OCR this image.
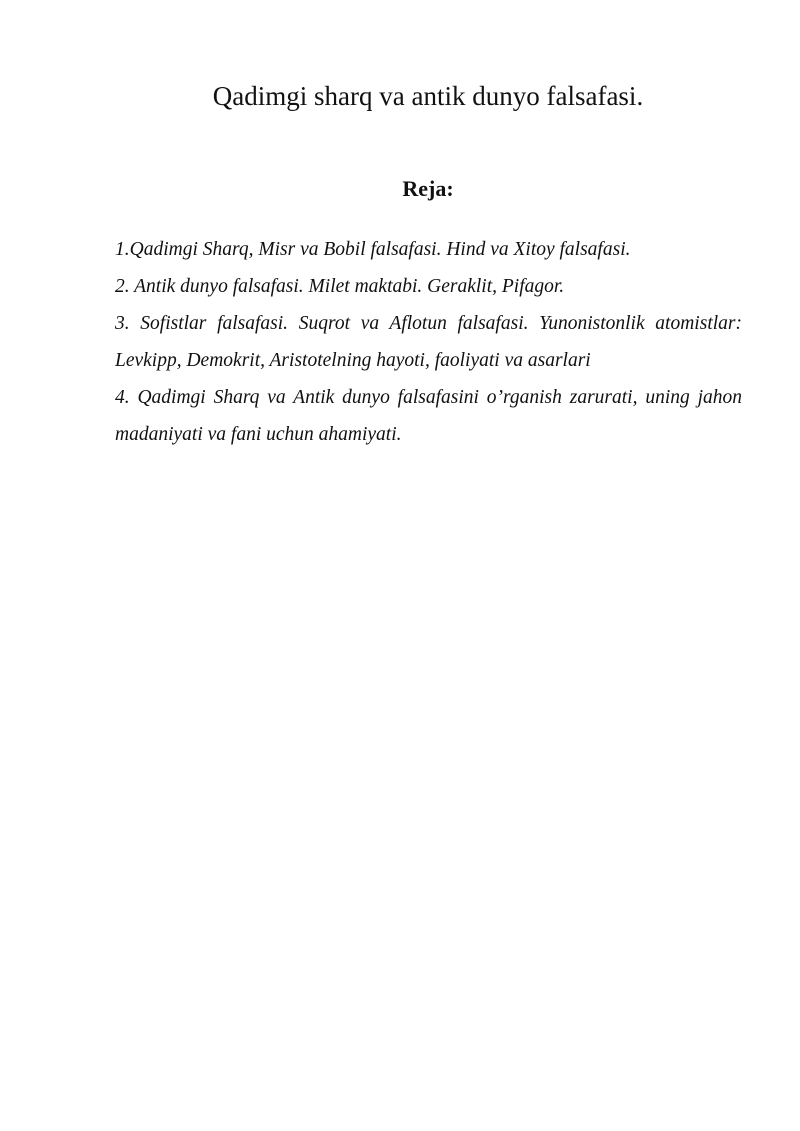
Qadimgi sharq va antik dunyo falsafasi.
Reja:
1.Qadimgi Sharq, Misr va Bobil falsafasi. Hind va Xitoy falsafasi.
2. Antik dunyo falsafasi. Milet maktabi. Geraklit, Pifagor.
3. Sofistlar falsafasi. Suqrot va Aflotun falsafasi. Yunonistonlik atomistlar: Levkipp, Demokrit, Aristotelning hayoti, faoliyati va asarlari
4. Qadimgi Sharq va Antik dunyo falsafasini o’rganish zarurati, uning jahon madaniyati va fani uchun ahamiyati.
